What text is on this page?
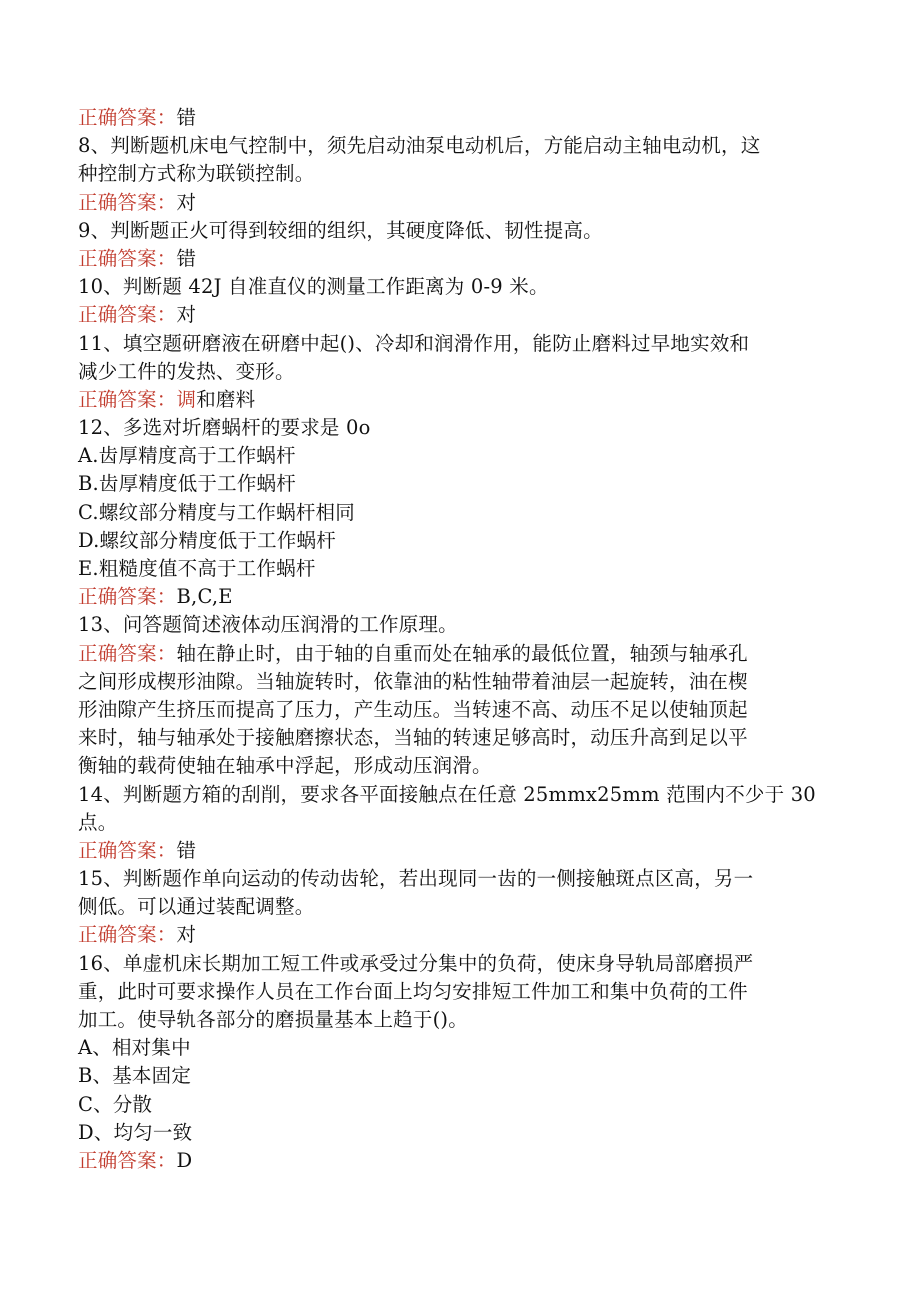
正确答案：错
8、判断题机床电气控制中，须先启动油泵电动机后，方能启动主轴电动机，这
种控制方式称为联锁控制。
正确答案：对
9、判断题正火可得到较细的组织，其硬度降低、韧性提高。
正确答案：错
10、判断题 42J 自准直仪的测量工作距离为 0-9 米。
正确答案：对
11、填空题研磨液在研磨中起()、冷却和润滑作用，能防止磨料过早地实效和
减少工件的发热、变形。
正确答案：调和磨料
12、多选对圻磨蜗杆的要求是 0o
A.齿厚精度高于工作蜗杆
B.齿厚精度低于工作蜗杆
C.螺纹部分精度与工作蜗杆相同
D.螺纹部分精度低于工作蜗杆
E.粗糙度值不高于工作蜗杆
正确答案：B,C,E
13、问答题简述液体动压润滑的工作原理。
正确答案：轴在静止时，由于轴的自重而处在轴承的最低位置，轴颈与轴承孔
之间形成楔形油隙。当轴旋转时，依靠油的粘性轴带着油层一起旋转，油在楔
形油隙产生挤压而提高了压力，产生动压。当转速不高、动压不足以使轴顶起
来时，轴与轴承处于接触磨擦状态，当轴的转速足够高时，动压升高到足以平
衡轴的载荷使轴在轴承中浮起，形成动压润滑。
14、判断题方箱的刮削，要求各平面接触点在任意 25mmx25mm 范围内不少于 30
点。
正确答案：错
15、判断题作单向运动的传动齿轮，若出现同一齿的一侧接触斑点区高，另一
侧低。可以通过装配调整。
正确答案：对
16、单虚机床长期加工短工件或承受过分集中的负荷，使床身导轨局部磨损严
重，此时可要求操作人员在工作台面上均匀安排短工件加工和集中负荷的工件
加工。使导轨各部分的磨损量基本上趋于()。
A、相对集中
B、基本固定
C、分散
D、均匀一致
正确答案：D
